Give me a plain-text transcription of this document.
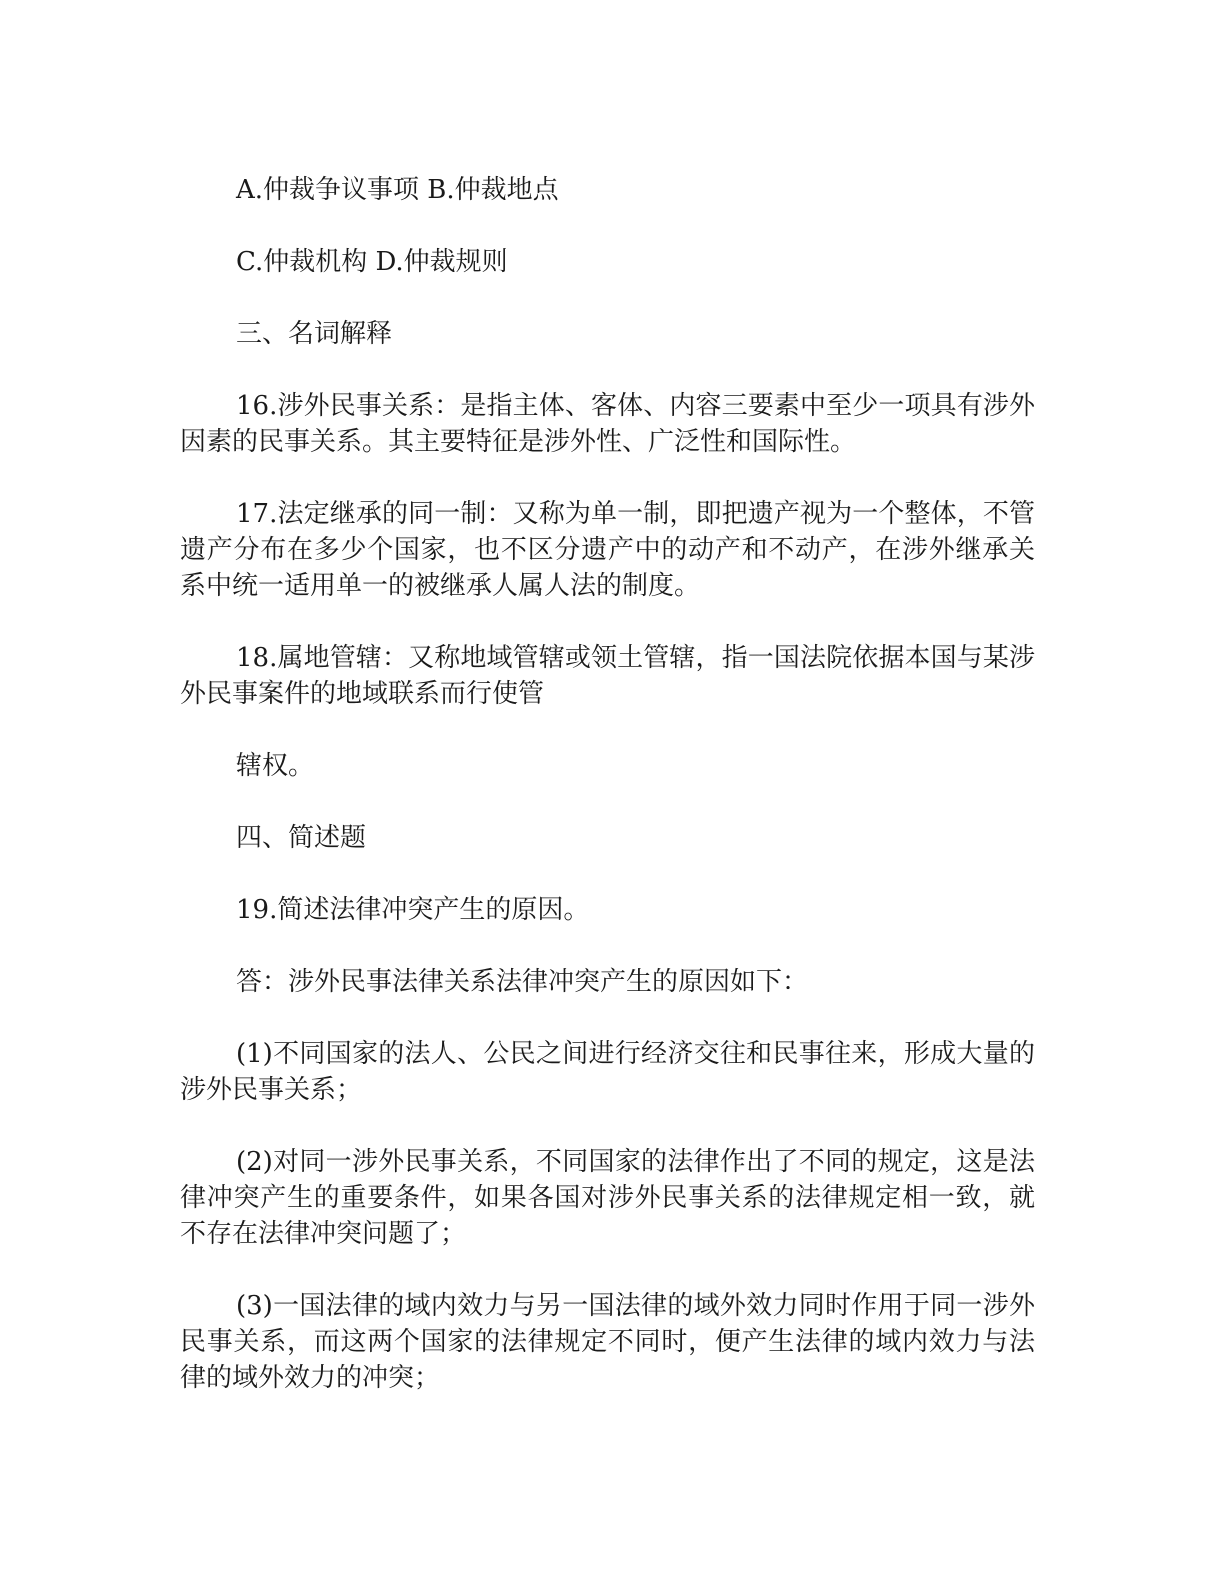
A.仲裁争议事项 B.仲裁地点

C.仲裁机构 D.仲裁规则

三、名词解释

16.涉外民事关系：是指主体、客体、内容三要素中至少一项具有涉外因素的民事关系。其主要特征是涉外性、广泛性和国际性。

17.法定继承的同一制：又称为单一制，即把遗产视为一个整体，不管遗产分布在多少个国家，也不区分遗产中的动产和不动产，在涉外继承关系中统一适用单一的被继承人属人法的制度。

18.属地管辖：又称地域管辖或领土管辖，指一国法院依据本国与某涉外民事案件的地域联系而行使管

辖权。

四、简述题

19.简述法律冲突产生的原因。

答：涉外民事法律关系法律冲突产生的原因如下：

(1)不同国家的法人、公民之间进行经济交往和民事往来，形成大量的涉外民事关系；

(2)对同一涉外民事关系，不同国家的法律作出了不同的规定，这是法律冲突产生的重要条件，如果各国对涉外民事关系的法律规定相一致，就不存在法律冲突问题了；

(3)一国法律的域内效力与另一国法律的域外效力同时作用于同一涉外民事关系，而这两个国家的法律规定不同时，便产生法律的域内效力与法律的域外效力的冲突；
